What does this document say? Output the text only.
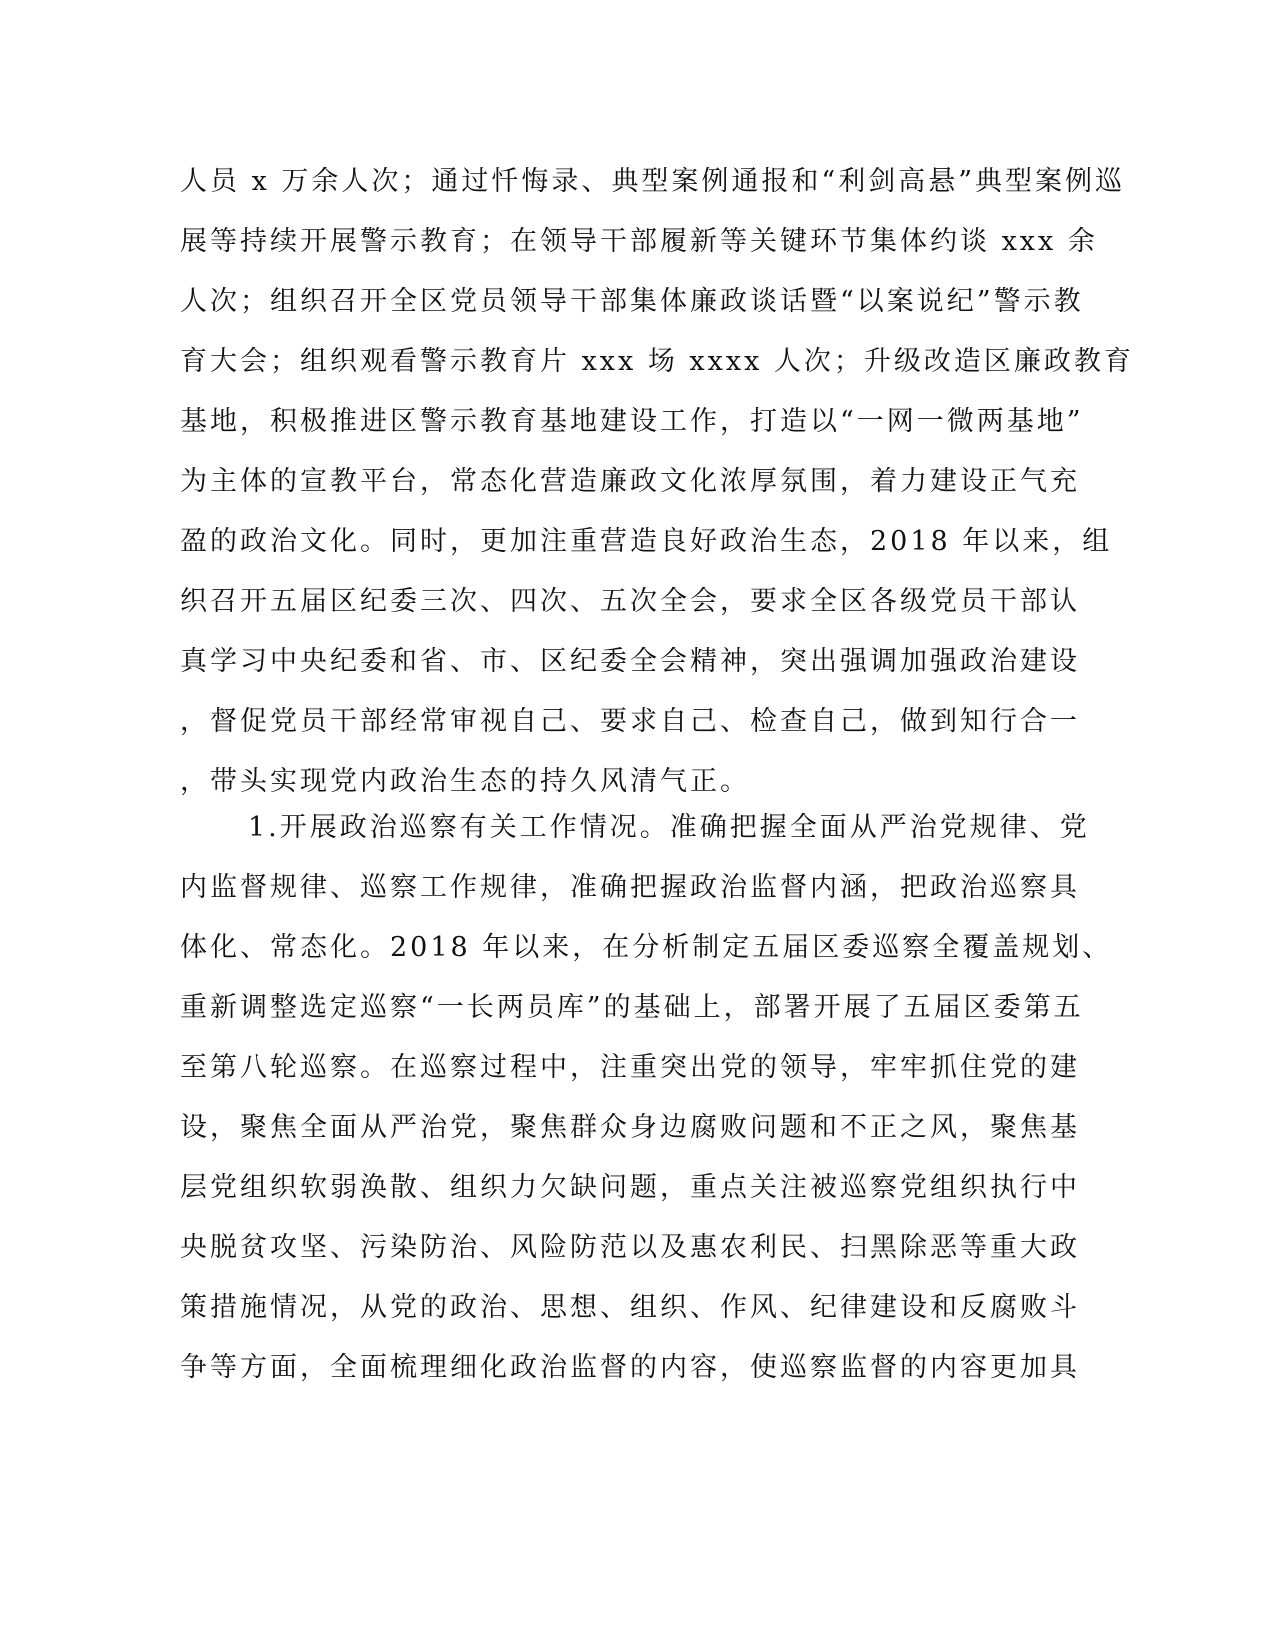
人员 x 万余人次；通过忏悔录、典型案例通报和“利剑高悬”典型案例巡
展等持续开展警示教育；在领导干部履新等关键环节集体约谈 xxx 余
人次；组织召开全区党员领导干部集体廉政谈话暨“以案说纪”警示教
育大会；组织观看警示教育片 xxx 场 xxxx 人次；升级改造区廉政教育
基地，积极推进区警示教育基地建设工作，打造以“一网一微两基地”
为主体的宣教平台，常态化营造廉政文化浓厚氛围，着力建设正气充
盈的政治文化。同时，更加注重营造良好政治生态，2018 年以来，组
织召开五届区纪委三次、四次、五次全会，要求全区各级党员干部认
真学习中央纪委和省、市、区纪委全会精神，突出强调加强政治建设
，督促党员干部经常审视自己、要求自己、检查自己，做到知行合一
，带头实现党内政治生态的持久风清气正。
1.开展政治巡察有关工作情况。准确把握全面从严治党规律、党
内监督规律、巡察工作规律，准确把握政治监督内涵，把政治巡察具
体化、常态化。2018 年以来，在分析制定五届区委巡察全覆盖规划、
重新调整选定巡察“一长两员库”的基础上，部署开展了五届区委第五
至第八轮巡察。在巡察过程中，注重突出党的领导，牢牢抓住党的建
设，聚焦全面从严治党，聚焦群众身边腐败问题和不正之风，聚焦基
层党组织软弱涣散、组织力欠缺问题，重点关注被巡察党组织执行中
央脱贫攻坚、污染防治、风险防范以及惠农利民、扫黑除恶等重大政
策措施情况，从党的政治、思想、组织、作风、纪律建设和反腐败斗
争等方面，全面梳理细化政治监督的内容，使巡察监督的内容更加具
